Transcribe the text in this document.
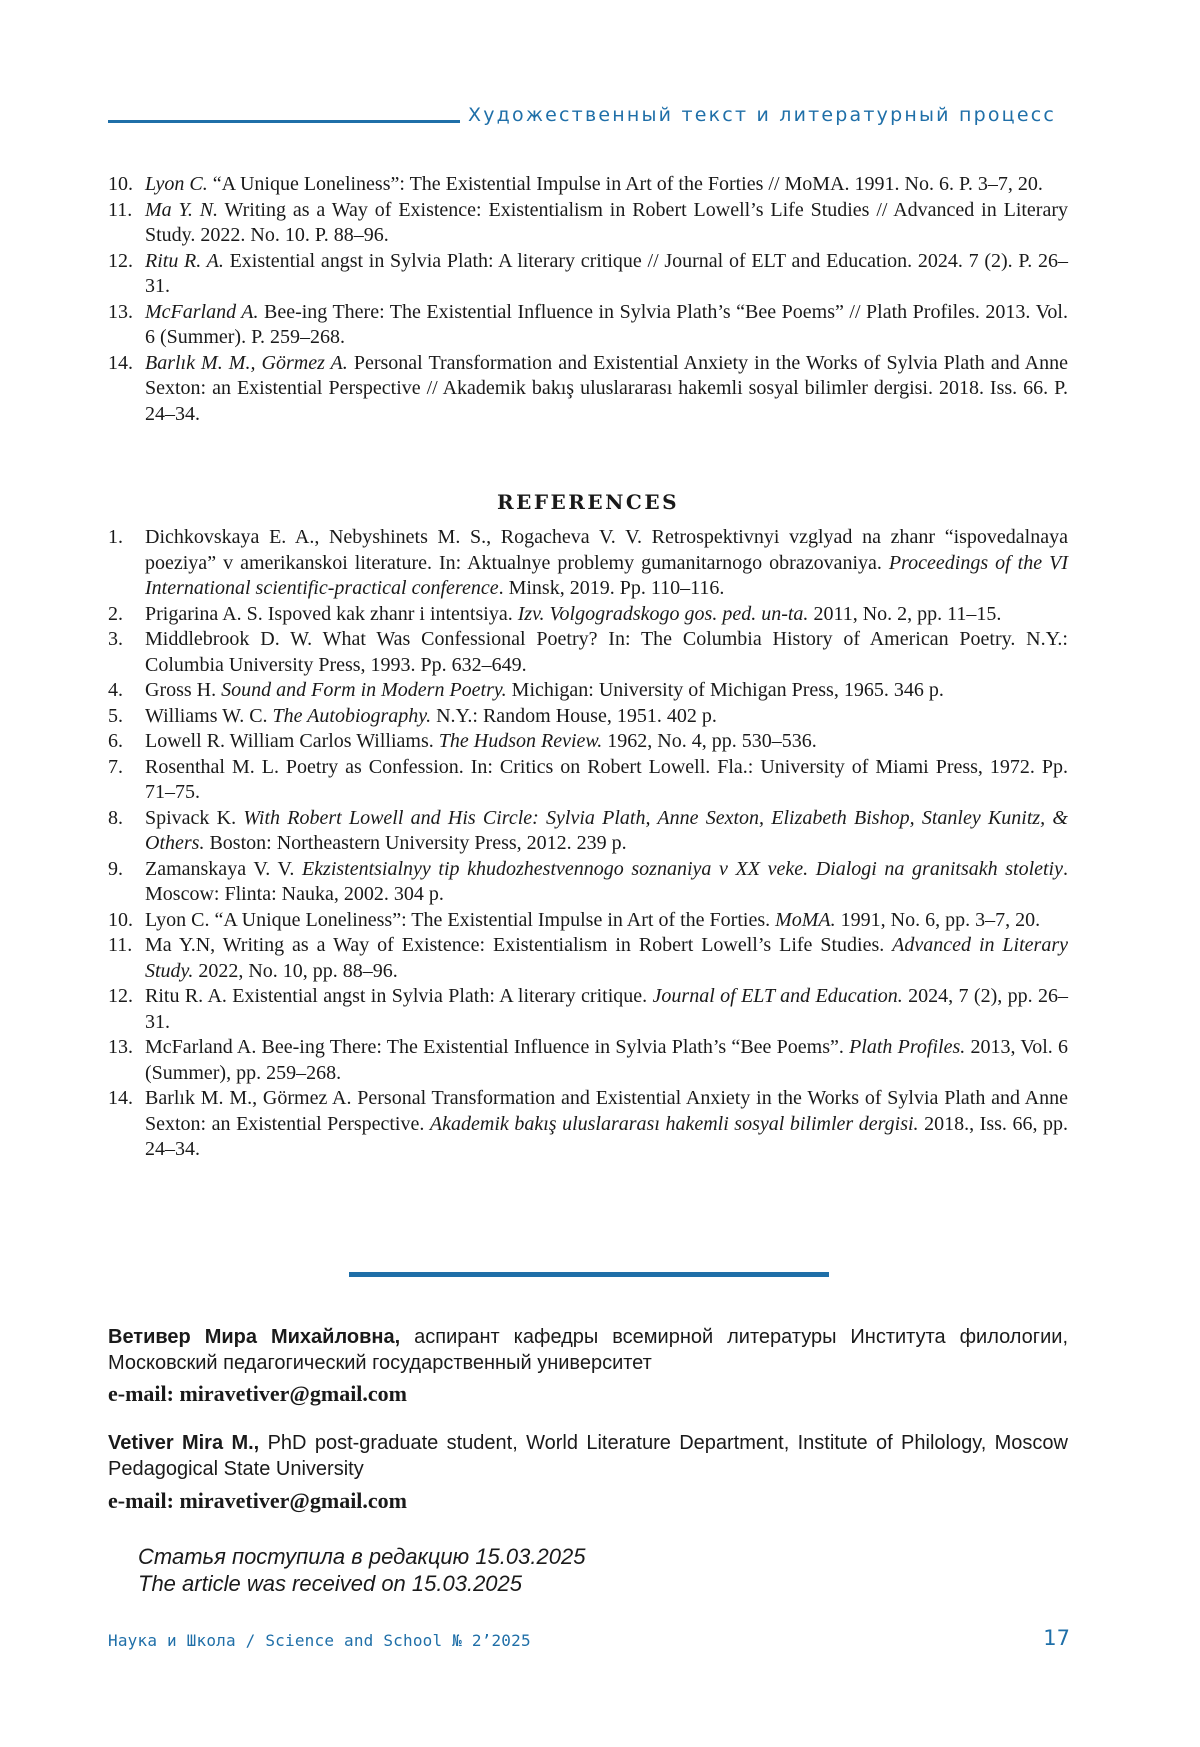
Художественный текст и литературный процесс
10. Lyon C. “A Unique Loneliness”: The Existential Impulse in Art of the Forties // MoMA. 1991. No. 6. P. 3–7, 20.
11. Ma Y. N. Writing as a Way of Existence: Existentialism in Robert Lowell’s Life Studies // Advanced in Literary Study. 2022. No. 10. P. 88–96.
12. Ritu R. A. Existential angst in Sylvia Plath: A literary critique // Journal of ELT and Education. 2024. 7 (2). P. 26–31.
13. McFarland A. Bee-ing There: The Existential Influence in Sylvia Plath’s “Bee Poems” // Plath Profiles. 2013. Vol. 6 (Summer). P. 259–268.
14. Barlık M. M., Görmez A. Personal Transformation and Existential Anxiety in the Works of Sylvia Plath and Anne Sexton: an Existential Perspective // Akademik bakış uluslararası hakemli sosyal bilimler dergisi. 2018. Iss. 66. P. 24–34.
REFERENCES
1. Dichkovskaya E. A., Nebyshinets M. S., Rogacheva V. V. Retrospektivnyi vzglyad na zhanr “ispovedalnaya poeziya” v amerikanskoi literature. In: Aktualnye problemy gumanitarnogo obrazovaniya. Proceedings of the VI International scientific-practical conference. Minsk, 2019. Pp. 110–116.
2. Prigarina A. S. Ispoved kak zhanr i intentsiya. Izv. Volgogradskogo gos. ped. un-ta. 2011, No. 2, pp. 11–15.
3. Middlebrook D. W. What Was Confessional Poetry? In: The Columbia History of American Poetry. N.Y.: Columbia University Press, 1993. Pp. 632–649.
4. Gross H. Sound and Form in Modern Poetry. Michigan: University of Michigan Press, 1965. 346 p.
5. Williams W. C. The Autobiography. N.Y.: Random House, 1951. 402 p.
6. Lowell R. William Carlos Williams. The Hudson Review. 1962, No. 4, pp. 530–536.
7. Rosenthal M. L. Poetry as Confession. In: Critics on Robert Lowell. Fla.: University of Miami Press, 1972. Pp. 71–75.
8. Spivack K. With Robert Lowell and His Circle: Sylvia Plath, Anne Sexton, Elizabeth Bishop, Stanley Kunitz, & Others. Boston: Northeastern University Press, 2012. 239 p.
9. Zamanskaya V. V. Ekzistentsialnyy tip khudozhestvennogo soznaniya v XX veke. Dialogi na granitsakh stoletiy. Moscow: Flinta: Nauka, 2002. 304 p.
10. Lyon C. “A Unique Loneliness”: The Existential Impulse in Art of the Forties. MoMA. 1991, No. 6, pp. 3–7, 20.
11. Ma Y.N, Writing as a Way of Existence: Existentialism in Robert Lowell’s Life Studies. Advanced in Literary Study. 2022, No. 10, pp. 88–96.
12. Ritu R. A. Existential angst in Sylvia Plath: A literary critique. Journal of ELT and Education. 2024, 7 (2), pp. 26–31.
13. McFarland A. Bee-ing There: The Existential Influence in Sylvia Plath’s “Bee Poems”. Plath Profiles. 2013, Vol. 6 (Summer), pp. 259–268.
14. Barlık M. M., Görmez A. Personal Transformation and Existential Anxiety in the Works of Sylvia Plath and Anne Sexton: an Existential Perspective. Akademik bakış uluslararası hakemli sosyal bilimler dergisi. 2018., Iss. 66, pp. 24–34.
Ветивер Мира Михайловна, аспирант кафедры всемирной литературы Института филологии, Московский педагогический государственный университет
e-mail: miravetiver@gmail.com
Vetiver Mira M., PhD post-graduate student, World Literature Department, Institute of Philology, Moscow Pedagogical State University
e-mail: miravetiver@gmail.com
Статья поступила в редакцию 15.03.2025
The article was received on 15.03.2025
Наука и Школа / Science and School № 2’2025	17
